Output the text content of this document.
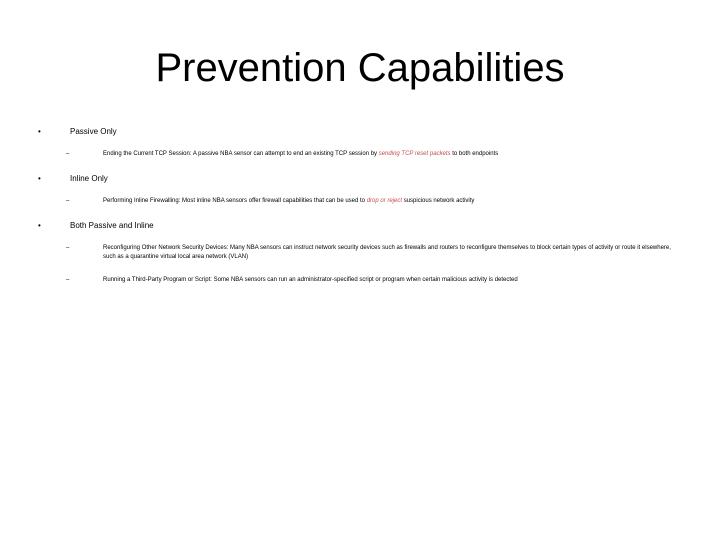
Prevention Capabilities
•	Passive Only
–	Ending the Current TCP Session: A passive NBA sensor can attempt to end an existing TCP session by sending TCP reset packets to both endpoints
•	Inline Only
–	Performing Inline Firewalling: Most inline NBA sensors offer firewall capabilities that can be used to drop or reject suspicious network activity
•	Both Passive and Inline
–	Reconfiguring Other Network Security Devices: Many NBA sensors can instruct network security devices such as firewalls and routers to reconfigure themselves to block certain types of activity or route it elsewhere, such as a quarantine virtual local area network (VLAN)
–	Running a Third-Party Program or Script: Some NBA sensors can run an administrator-specified script or program when certain malicious activity is detected
